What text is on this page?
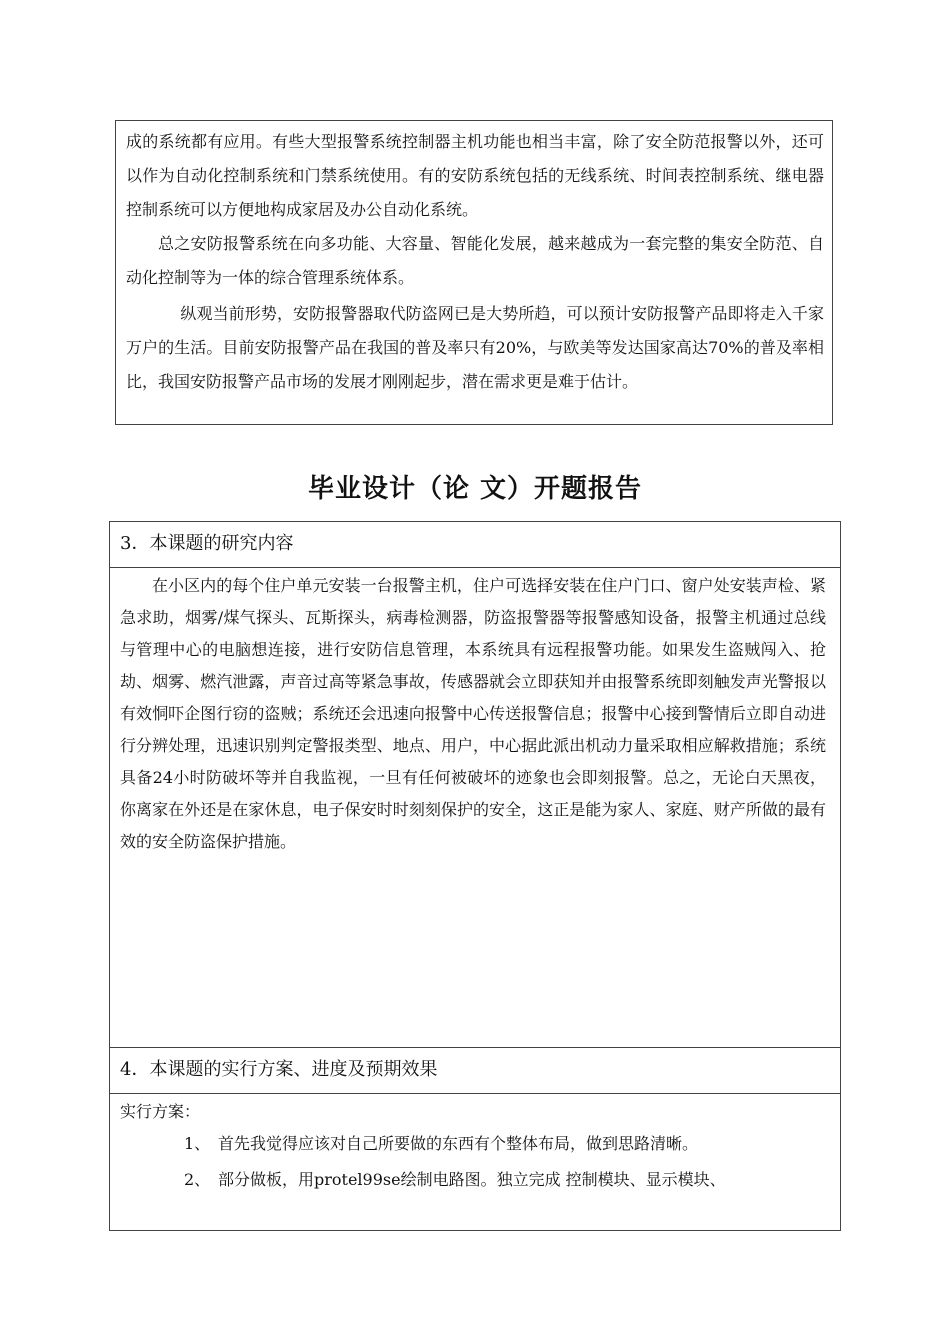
成的系统都有应用。有些大型报警系统控制器主机功能也相当丰富，除了安全防范报警以外，还可以作为自动化控制系统和门禁系统使用。有的安防系统包括的无线系统、时间表控制系统、继电器控制系统可以方便地构成家居及办公自动化系统。

总之安防报警系统在向多功能、大容量、智能化发展，越来越成为一套完整的集安全防范、自动化控制等为一体的综合管理系统体系。

纵观当前形势，安防报警器取代防盗网已是大势所趋，可以预计安防报警产品即将走入千家万户的生活。目前安防报警产品在我国的普及率只有20%，与欧美等发达国家高达70%的普及率相比，我国安防报警产品市场的发展才刚刚起步，潜在需求更是难于估计。

毕业设计（论 文）开题报告
3．本课题的研究内容

在小区内的每个住户单元安装一台报警主机，住户可选择安装在住户门口、窗户处安装声检、紧急求助，烟雾/煤气探头、瓦斯探头，病毒检测器，防盗报警器等报警感知设备，报警主机通过总线与管理中心的电脑想连接，进行安防信息管理，本系统具有远程报警功能。如果发生盗贼闯入、抢劫、烟雾、燃汽泄露，声音过高等紧急事故，传感器就会立即获知并由报警系统即刻触发声光警报以有效恫吓企图行窃的盗贼；系统还会迅速向报警中心传送报警信息；报警中心接到警情后立即自动进行分辨处理，迅速识别判定警报类型、地点、用户，中心据此派出机动力量采取相应解救措施；系统具备24小时防破坏等并自我监视，一旦有任何被破坏的迹象也会即刻报警。总之，无论白天黑夜，你离家在外还是在家休息，电子保安时时刻刻保护的安全，这正是能为家人、家庭、财产所做的最有效的安全防盗保护措施。

4．本课题的实行方案、进度及预期效果
实行方案：
1、 首先我觉得应该对自己所要做的东西有个整体布局，做到思路清晰。
2、 部分做板，用protel99se绘制电路图。独立完成 控制模块、显示模块、
